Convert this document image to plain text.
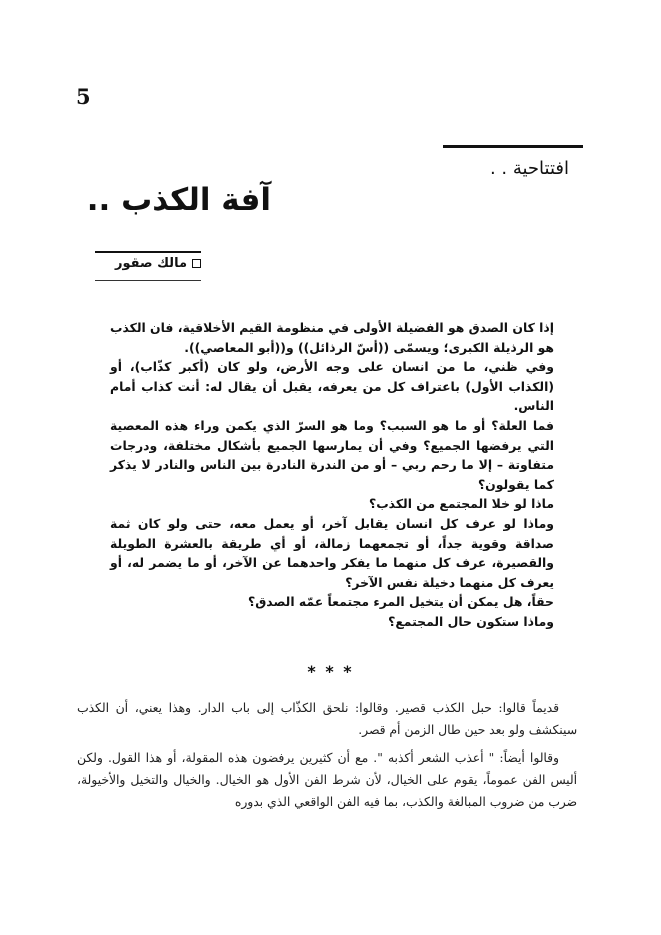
5
افتتاحية . .
آفة الكذب ..
مالك صقور

إذا كان الصدق هو الفضيلة الأولى في منظومة القيم الأخلاقية، فان الكذب هو الرذيلة الكبرى؛ ويسمّى ((أسّ الرذائل)) و((أبو المعاصي)).

وفي ظني، ما من انسان على وجه الأرض، ولو كان (أكبر كذّاب)، أو (الكذاب الأول) باعتراف كل من يعرفه، يقبل أن يقال له: أنت كذاب أمام الناس.

فما العلة؟ أو ما هو السبب؟ وما هو السرّ الذي يكمن وراء هذه المعصية التي يرفضها الجميع؟ وفي أن يمارسها الجميع بأشكال مختلفة، ودرجات متفاوتة – إلا ما رحم ربي – أو من الندرة النادرة بين الناس والنادر لا يذكر كما يقولون؟

ماذا لو خلا المجتمع من الكذب؟

وماذا لو عرف كل انسان يقابل آخر، أو يعمل معه، حتى ولو كان ثمة صداقة وقوية جداً، أو تجمعهما زمالة، أو أي طريقة بالعشرة الطويلة والقصيرة، عرف كل منهما ما يفكر واحدهما عن الآخر، أو ما يضمر له، أو يعرف كل منهما دخيلة نفس الآخر؟

حقاً، هل يمكن أن يتخيل المرء مجتمعاً عمّه الصدق؟

وماذا ستكون حال المجتمع؟

* * *

قديماً قالوا: حبل الكذب قصير. وقالوا: نلحق الكذّاب إلى باب الدار. وهذا يعني، أن الكذب سينكشف ولو بعد حين طال الزمن أم قصر.

وقالوا أيضاً: " أعذب الشعر أكذبه ". مع أن كثيرين يرفضون هذه المقولة، أو هذا القول. ولكن أليس الفن عموماً، يقوم على الخيال، لأن شرط الفن الأول هو الخيال. والخيال والتخيل والأخيولة، ضرب من ضروب المبالغة والكذب، بما فيه الفن الواقعي الذي بدوره
